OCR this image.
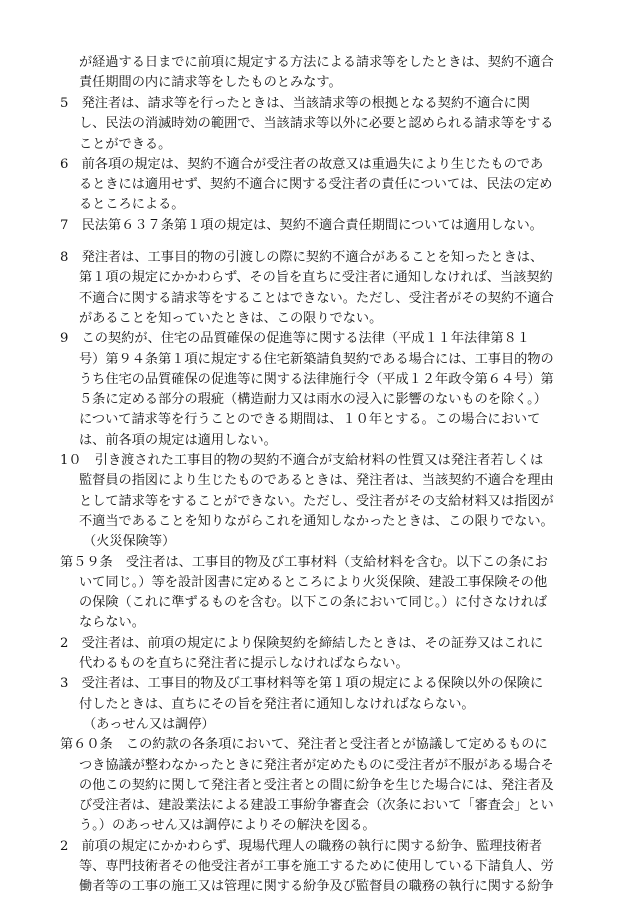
が経過する日までに前項に規定する方法による請求等をしたときは、契約不適合
責任期間の内に請求等をしたものとみなす。
5　発注者は、請求等を行ったときは、当該請求等の根拠となる契約不適合に関
し、民法の消滅時効の範囲で、当該請求等以外に必要と認められる請求等をする
ことができる。
6　前各項の規定は、契約不適合が受注者の故意又は重過失により生じたものであ
るときには適用せず、契約不適合に関する受注者の責任については、民法の定め
るところによる。
7　民法第６３７条第１項の規定は、契約不適合責任期間については適用しない。
8　発注者は、工事目的物の引渡しの際に契約不適合があることを知ったときは、
第１項の規定にかかわらず、その旨を直ちに受注者に通知しなければ、当該契約
不適合に関する請求等をすることはできない。ただし、受注者がその契約不適合
があることを知っていたときは、この限りでない。
9　この契約が、住宅の品質確保の促進等に関する法律（平成１１年法律第８１
号）第９４条第１項に規定する住宅新築請負契約である場合には、工事目的物の
うち住宅の品質確保の促進等に関する法律施行令（平成１２年政令第６４号）第
５条に定める部分の瑕疵（構造耐力又は雨水の浸入に影響のないものを除く。）
について請求等を行うことのできる期間は、１０年とする。この場合において
は、前各項の規定は適用しない。
1０　引き渡された工事目的物の契約不適合が支給材料の性質又は発注者若しくは
監督員の指図により生じたものであるときは、発注者は、当該契約不適合を理由
として請求等をすることができない。ただし、受注者がその支給材料又は指図が
不適当であることを知りながらこれを通知しなかったときは、この限りでない。
（火災保険等）
第５９条　受注者は、工事目的物及び工事材料（支給材料を含む。以下この条にお
いて同じ。）等を設計図書に定めるところにより火災保険、建設工事保険その他
の保険（これに準ずるものを含む。以下この条において同じ。）に付さなければ
ならない。
2　受注者は、前項の規定により保険契約を締結したときは、その証券又はこれに
代わるものを直ちに発注者に提示しなければならない。
3　受注者は、工事目的物及び工事材料等を第１項の規定による保険以外の保険に
付したときは、直ちにその旨を発注者に通知しなければならない。
（あっせん又は調停）
第６０条　この約款の各条項において、発注者と受注者とが協議して定めるものに
つき協議が整わなかったときに発注者が定めたものに受注者が不服がある場合そ
の他この契約に関して発注者と受注者との間に紛争を生じた場合には、発注者及
び受注者は、建設業法による建設工事紛争審査会（次条において「審査会」とい
う。）のあっせん又は調停によりその解決を図る。
2　前項の規定にかかわらず、現場代理人の職務の執行に関する紛争、監理技術者
等、専門技術者その他受注者が工事を施工するために使用している下請負人、労
働者等の工事の施工又は管理に関する紛争及び監督員の職務の執行に関する紛争
